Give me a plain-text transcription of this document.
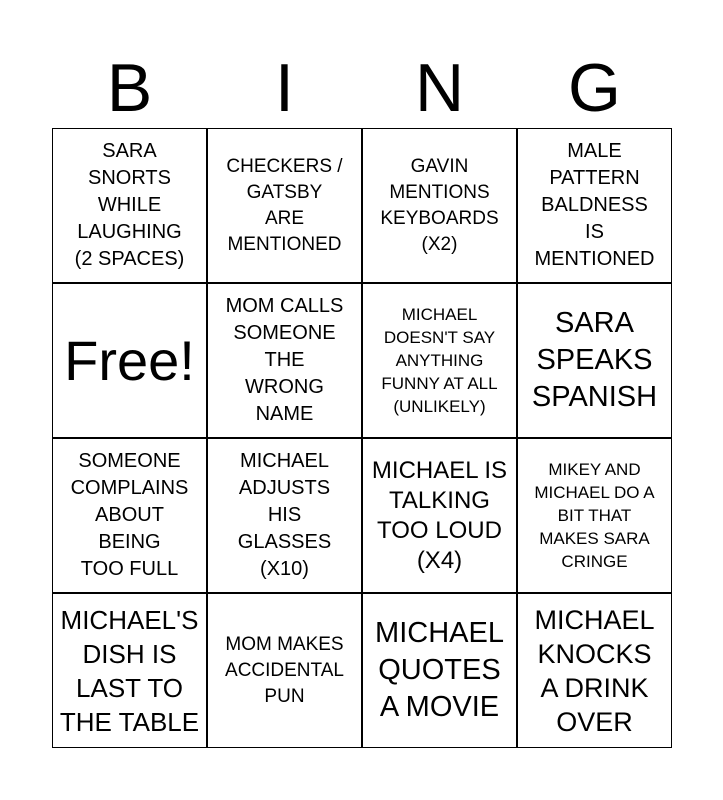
B	I	N	G
SARA
SNORTS
WHILE
LAUGHING
(2 SPACES)
CHECKERS /
GATSBY
ARE
MENTIONED
GAVIN
MENTIONS
KEYBOARDS
(X2)
MALE
PATTERN
BALDNESS
IS
MENTIONED
Free!
MOM CALLS
SOMEONE
THE
WRONG
NAME
MICHAEL
DOESN'T SAY
ANYTHING
FUNNY AT ALL
(UNLIKELY)
SARA
SPEAKS
SPANISH
SOMEONE
COMPLAINS
ABOUT
BEING
TOO FULL
MICHAEL
ADJUSTS
HIS
GLASSES
(X10)
MICHAEL IS
TALKING
TOO LOUD
(X4)
MIKEY AND
MICHAEL DO A
BIT THAT
MAKES SARA
CRINGE
MICHAEL'S
DISH IS
LAST TO
THE TABLE
MOM MAKES
ACCIDENTAL
PUN
MICHAEL
QUOTES
A MOVIE
MICHAEL
KNOCKS
A DRINK
OVER
